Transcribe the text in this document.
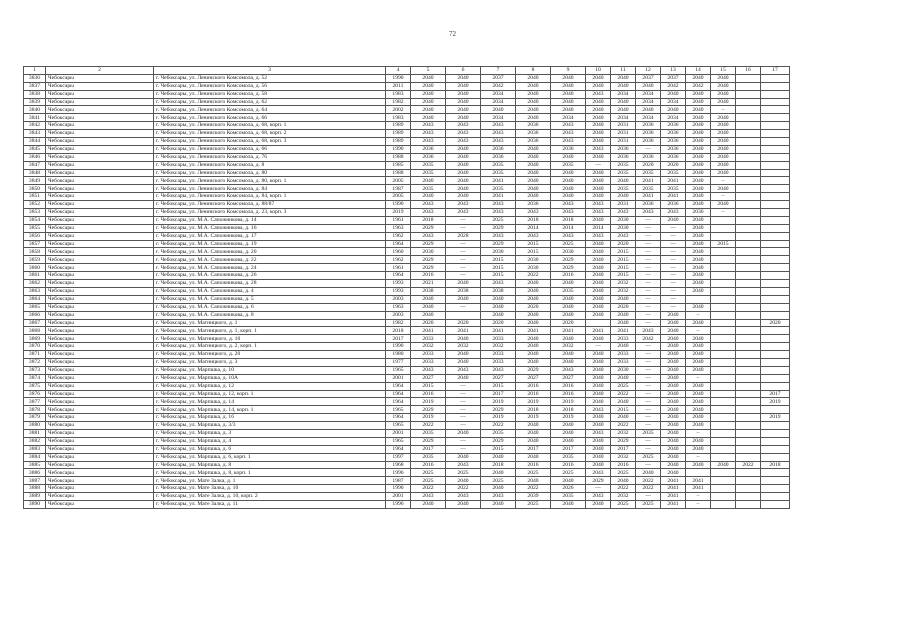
72
1	2	3	4	5	6	7	8	9	10	11	12	13	14	15	16	17
3836	Чебоксары	г. Чебоксары, ул. Ленинского Комсомола, д. 52	1990	2040	2040	2037	2040	2040	2040	2040	2037	2037	2040	2040		
3837	Чебоксары	г. Чебоксары, ул. Ленинского Комсомола, д. 56	2011	2040	2040	2042	2040	2040	2040	2040	2040	2042	2042	2040		
3838	Чебоксары	г. Чебоксары, ул. Ленинского Комсомола, д. 58	1983	2040	2040	2034	2040	2040	2043	2034	2034	2040	2040	2040		
3839	Чебоксары	г. Чебоксары, ул. Ленинского Комсомола, д. 62	1982	2040	2040	2034	2040	2040	2040	2040	2034	2034	2040	2040		
3840	Чебоксары	г. Чебоксары, ул. Ленинского Комсомола, д. 64	2002	2040	2040	2040	2040	2040	2040	2040	2040	2040	2040	–		
3841	Чебоксары	г. Чебоксары, ул. Ленинского Комсомола, д. 66	1983	2040	2040	2034	2040	2034	2040	2034	2034	2034	2040	2040		
3842	Чебоксары	г. Чебоксары, ул. Ленинского Комсомола, д. 68, корп. 1	1989	2043	2043	2043	2036	2043	2040	2031	2036	2036	2040	2040		
3843	Чебоксары	г. Чебоксары, ул. Ленинского Комсомола, д. 68, корп. 2	1989	2043	2043	2043	2036	2043	2040	2031	2036	2036	2040	2040		
3844	Чебоксары	г. Чебоксары, ул. Ленинского Комсомола, д. 68, корп. 3	1989	2043	2043	2043	2036	2043	2040	2031	2036	2036	2040	2040		
3845	Чебоксары	г. Чебоксары, ул. Ленинского Комсомола, д. 66	1990	2036	2040	2036	2040	2036	2043	2036	—	2036	2040	2040		
3846	Чебоксары	г. Чебоксары, ул. Ленинского Комсомола, д. 76	1988	2036	2040	2036	2040	2040	2040	2036	2036	2036	2040	2040		
3847	Чебоксары	г. Чебоксары, ул. Ленинского Комсомола, д. 8	1985	2035	2040	2035	2040	2035	—	2035	2020	2020	2040	2040		
3848	Чебоксары	г. Чебоксары, ул. Ленинского Комсомола, д. 80	1988	2035	2040	2035	2040	2040	2040	2035	2035	2035	2040	2040		
3849	Чебоксары	г. Чебоксары, ул. Ленинского Комсомола, д. 80, корп. 1	2005	2040	2040	2041	2040	2040	2040	2040	2041	2041	2040	–		
3850	Чебоксары	г. Чебоксары, ул. Ленинского Комсомола, д. 84	1987	2035	2040	2035	2040	2040	2040	2035	2035	2035	2040	2040		
3851	Чебоксары	г. Чебоксары, ул. Ленинского Комсомола, д. 84, корп. 1	2005	2040	2040	2041	2040	2040	2040	2040	2041	2041	2040	–		
3852	Чебоксары	г. Чебоксары, ул. Ленинского Комсомола, д. 88/87	1990	2043	2043	2043	2036	2043	2043	2031	2036	2036	2040	2040		
3853	Чебоксары	г. Чебоксары, ул. Ленинского Комсомола, д. 23, корп. 3	2019	2043	2043	2043	2043	2043	2043	2043	2043	2043	2036	–		
3854	Чебоксары	г. Чебоксары, ул. М.А. Сапожникова, д. 14	1961	2018	—	2025	2018	2018	2040	2030	—	2040	2040			
3855	Чебоксары	г. Чебоксары, ул. М.А. Сапожникова, д. 16	1963	2029	—	2029	2014	2014	2014	2030	—	—	2040			
3856	Чебоксары	г. Чебоксары, ул. М.А. Сапожникова, д. 17	1962	2043	2028	2043	2043	2043	2043	2043	—	—	2040			
3857	Чебоксары	г. Чебоксары, ул. М.А. Сапожникова, д. 19	1964	2029	—	2029	2015	2025	2040	2020	—	—	2040	2015		
3858	Чебоксары	г. Чебоксары, ул. М.А. Сапожникова, д. 20	1960	2030	—	2030	2015	2030	2040	2015	—	—	2040			
3859	Чебоксары	г. Чебоксары, ул. М.А. Сапожникова, д. 22	1962	2029	—	2015	2030	2029	2040	2015	—	—	2040			
3860	Чебоксары	г. Чебоксары, ул. М.А. Сапожникова, д. 24	1961	2029	—	2015	2030	2029	2040	2015	—	—	2040			
3861	Чебоксары	г. Чебоксары, ул. М.А. Сапожникова, д. 26	1964	2016	—	2015	2022	2016	2040	2015	—	—	2040			
3862	Чебоксары	г. Чебоксары, ул. М.А. Сапожникова, д. 28	1993	2021	2040	2043	2040	2040	2040	2032	—	—	2040			
3863	Чебоксары	г. Чебоксары, ул. М.А. Сапожникова, д. 4	1993	2038	2038	2038	2040	2035	2040	2032	—	—	2040			
3864	Чебоксары	г. Чебоксары, ул. М.А. Сапожникова, д. 5	2003	2040	2040	2040	2040	2040	2040	2040	—	—				
3865	Чебоксары	г. Чебоксары, ул. М.А. Сапожникова, д. 6	1963	2040	—	2040	2020	2040	2040	2020	—	—	2040			
3866	Чебоксары	г. Чебоксары, ул. М.А. Сапожникова, д. 8	2003	2040		2040	2040	2040	2040	2040	—	2040	–			
3867	Чебоксары	г. Чебоксары, ул. Магницкого, д. 1	1982	2020	2020	2020	2040	2020		2040	—	2040	2040			2020
3868	Чебоксары	г. Чебоксары, ул. Магницкого, д. 1, корп. 1	2018	2041	2041	2041	2041	2041	2041	2041	2043	2040	–			
3869	Чебоксары	г. Чебоксары, ул. Магницкого, д. 10	2017	2033	2040	2033	2040	2040	2040	2033	2042	2040	2040			
3870	Чебоксары	г. Чебоксары, ул. Магницкого, д. 2, корп. 1	1990	2032	2032	2032	2040	2032	—	2040	—	2040	2040			
3871	Чебоксары	г. Чебоксары, ул. Магницкого, д. 20	1980	2033	2040	2033	2040	2040	2040	2033	—	2040	2040			
3872	Чебоксары	г. Чебоксары, ул. Магницкого, д. 3	1977	2033	2040	2033	2040	2040	2040	2033	—	2040	2040			
3873	Чебоксары	г. Чебоксары, ул. Марпшка, д. 10	1965	2043	2043	2043	2029	2043	2040	2030	—	2040	2040			
3874	Чебоксары	г. Чебоксары, ул. Марпшка, д. 10А	2001	2027	2040	2027	2027	2027	2040	2040	—	2040	–			
3875	Чебоксары	г. Чебоксары, ул. Марпшка, д. 12	1964	2015	—	2015	2016	2016	2040	2025	—	2040	2040			
3876	Чебоксары	г. Чебоксары, ул. Марпшка, д. 12, корп. 1	1964	2016	—	2017	2016	2016	2040	2022	—	2040	2040			2017
3877	Чебоксары	г. Чебоксары, ул. Марпшка, д. 14	1964	2019	—	2019	2019	2019	2040	2040	—	2040	2040			2019
3878	Чебоксары	г. Чебоксары, ул. Марпшка, д. 14, корп. 1	1965	2029	—	2029	2018	2018	2043	2015	—	2040	2040			
3879	Чебоксары	г. Чебоксары, ул. Марпшка, д. 16	1964	2019	—	2019	2019	2019	2040	2040	—	2040	2040			2019
3880	Чебоксары	г. Чебоксары, ул. Марпшка, д. 3/3	1965	2022	—	2022	2040	2040	2040	2022	—	2040	2040			
3881	Чебоксары	г. Чебоксары, ул. Марпшка, д. 3	2001	2035	2040	2035	2040	2040	2043	2032	2035	2040	–			
3882	Чебоксары	г. Чебоксары, ул. Марпшка, д. 4	1965	2029	—	2029	2040	2040	2040	2029	—	2040	2040			
3883	Чебоксары	г. Чебоксары, ул. Марпшка, д. 6	1964	2017	—	2015	2017	2017	2040	2017	—	2040	2040			
3884	Чебоксары	г. Чебоксары, ул. Марпшка, д. 6, корп. 1	1997	2035	2040	2040	2040	2035	2040	2032	2025	2040	–			
3885	Чебоксары	г. Чебоксары, ул. Марпшка, д. 8	1968	2016	2043	2018	2016	2016	2040	2016	—	2040	2040	2040	2022	2018
3886	Чебоксары	г. Чебоксары, ул. Марпшка, д. 8, корп. 1	1996	2025	2025	2040	2025	2025	2043	2025	2040	2040				
3887	Чебоксары	г. Чебоксары, ул. Мате Залка, д. 1	1987	2025	2040	2025	2040	2040	2029	2040	2022	2041	2041			
3888	Чебоксары	г. Чебоксары, ул. Мате Залка, д. 10	1990	2022	2022	2040	2022	2026	—	2022	2022	2041	2041			
3889	Чебоксары	г. Чебоксары, ул. Мате Залка, д. 10, корп. 2	2001	2043	2043	2043	2039	2035	2043	2032	—	2041	–			
3890	Чебоксары	г. Чебоксары, ул. Мате Залка, д. 11	1996	2040	2040	2040	2025	2040	2040	2025	2025	2041	–			
